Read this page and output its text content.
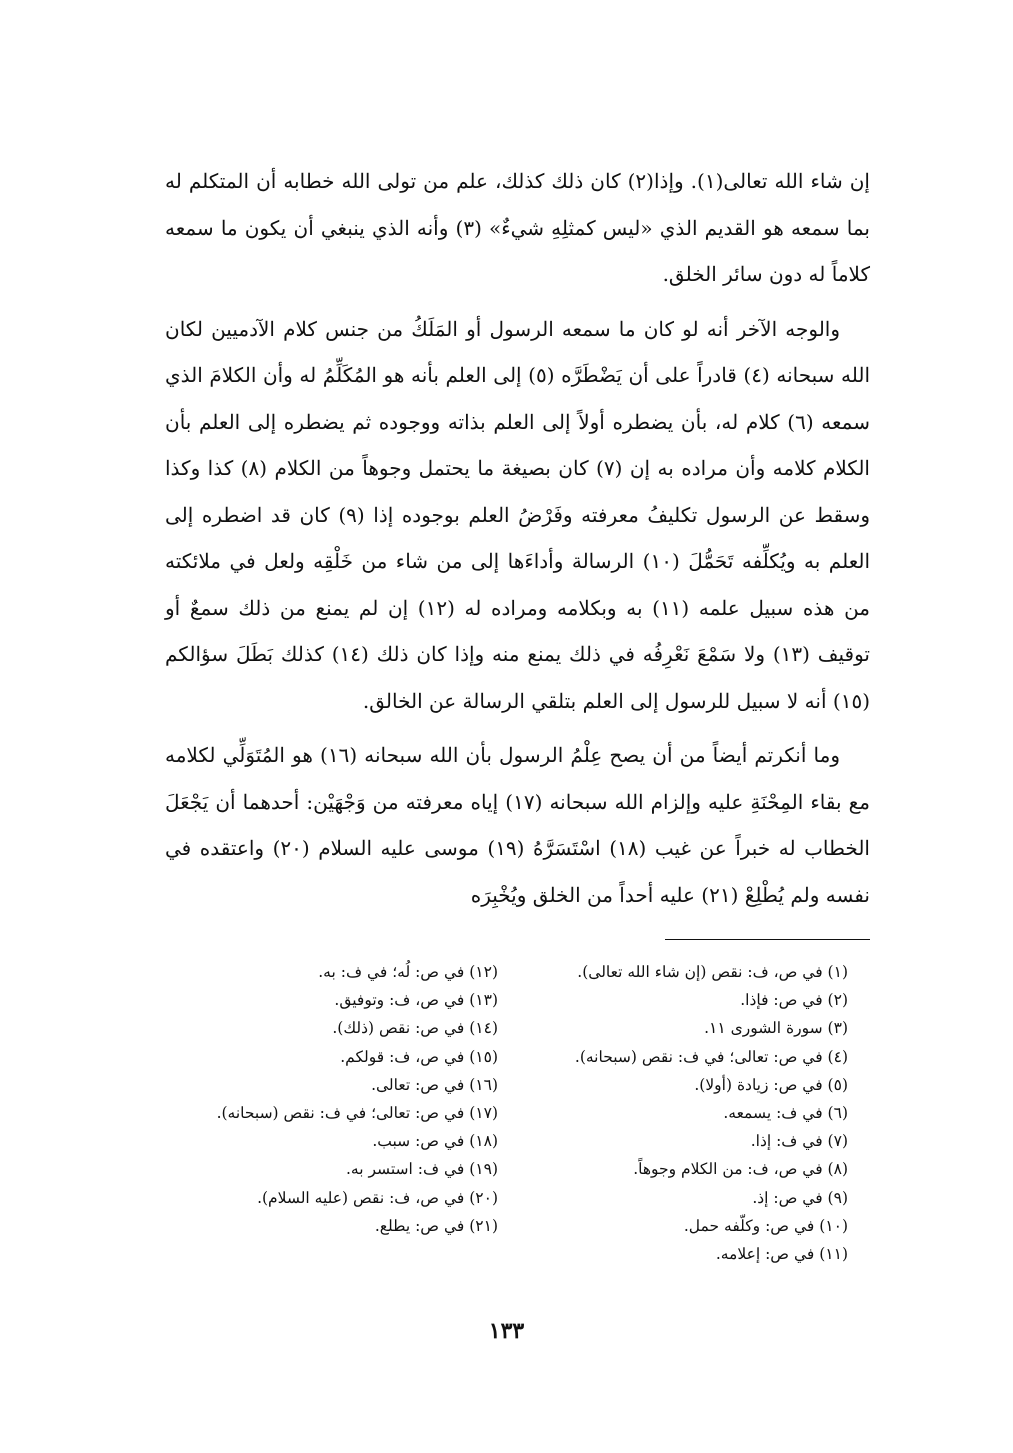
إن شاء الله تعالى(١). وإذا(٢) كان ذلك كذلك، علم من تولى الله خطابه أن المتكلم له بما سمعه هو القديم الذي «ليس كمثلِهِ شيءٌ» (٣) وأنه الذي ينبغي أن يكون ما سمعه كلاماً له دون سائر الخلق.

والوجه الآخر أنه لو كان ما سمعه الرسول أو المَلَكُ من جنس كلام الآدميين لكان الله سبحانه (٤) قادراً على أن يَضْطَرَّه (٥) إلى العلم بأنه هو المُكَلِّمُ له وأن الكلامَ الذي سمعه (٦) كلام له، بأن يضطره أولاً إلى العلم بذاته ووجوده ثم يضطره إلى العلم بأن الكلام كلامه وأن مراده به إن (٧) كان بصيغة ما يحتمل وجوهاً من الكلام (٨) كذا وكذا وسقط عن الرسول تكليفُ معرفته وفَرْضُ العلم بوجوده إذا (٩) كان قد اضطره إلى العلم به ويُكلِّفه تَحَمُّلَ (١٠) الرسالة وأداءَها إلى من شاء من خَلْقِه ولعل في ملائكته من هذه سبيل علمه (١١) به وبكلامه ومراده له (١٢) إن لم يمنع من ذلك سمعٌ أو توقيف (١٣) ولا سَمْعَ نَعْرِفُه في ذلك يمنع منه وإذا كان ذلك (١٤) كذلك بَطَلَ سؤالكم (١٥) أنه لا سبيل للرسول إلى العلم بتلقي الرسالة عن الخالق.

وما أنكرتم أيضاً من أن يصح عِلْمُ الرسول بأن الله سبحانه (١٦) هو المُتَوَلِّي لكلامه مع بقاء المِحْنَةِ عليه وإلزام الله سبحانه (١٧) إياه معرفته من وَجْهَيْن: أحدهما أن يَجْعَلَ الخطاب له خبراً عن غيب (١٨) اسْتَسَرَّهُ (١٩) موسى عليه السلام (٢٠) واعتقده في نفسه ولم يُطْلِعْ (٢١) عليه أحداً من الخلق ويُخْبِرَه

(١) في ص، ف: نقص (إن شاء الله تعالى).
(٢) في ص: فإذا.
(٣) سورة الشورى ١١.
(٤) في ص: تعالى؛ في ف: نقص (سبحانه).
(٥) في ص: زيادة (أولا).
(٦) في ف: يسمعه.
(٧) في ف: إذا.
(٨) في ص، ف: من الكلام وجوهاً.
(٩) في ص: إذ.
(١٠) في ص: وكلّفه حمل.
(١١) في ص: إعلامه.
(١٢) في ص: لُه؛ في ف: به.
(١٣) في ص، ف: وتوفيق.
(١٤) في ص: نقص (ذلك).
(١٥) في ص، ف: قولكم.
(١٦) في ص: تعالى.
(١٧) في ص: تعالى؛ في ف: نقص (سبحانه).
(١٨) في ص: سبب.
(١٩) في ف: استسر به.
(٢٠) في ص، ف: نقص (عليه السلام).
(٢١) في ص: يطلع.
١٣٣
